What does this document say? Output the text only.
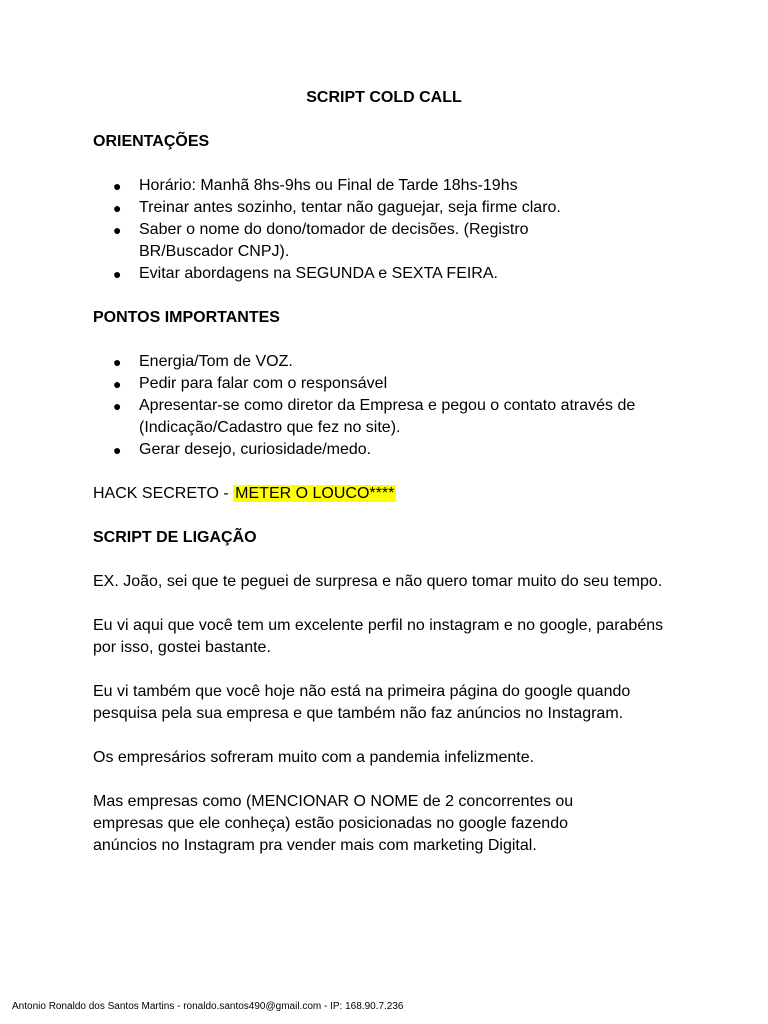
SCRIPT COLD CALL
ORIENTAÇÕES
● Horário: Manhã 8hs-9hs ou Final de Tarde 18hs-19hs
● Treinar antes sozinho, tentar não gaguejar, seja firme claro.
● Saber o nome do dono/tomador de decisões. (Registro BR/Buscador CNPJ).
● Evitar abordagens na SEGUNDA e SEXTA FEIRA.
PONTOS IMPORTANTES
● Energia/Tom de VOZ.
● Pedir para falar com o responsável
● Apresentar-se como diretor da Empresa e pegou o contato através de (Indicação/Cadastro que fez no site).
● Gerar desejo, curiosidade/medo.
HACK SECRETO - METER O LOUCO****
SCRIPT DE LIGAÇÃO
EX. João, sei que te peguei de surpresa e não quero tomar muito do seu tempo.
Eu vi aqui que você tem um excelente perfil no instagram e no google, parabéns por isso, gostei bastante.
Eu vi também que você hoje não está na primeira página do google quando pesquisa pela sua empresa e que também não faz anúncios no Instagram.
Os empresários sofreram muito com a pandemia infelizmente.
Mas empresas como (MENCIONAR O NOME de 2 concorrentes ou empresas que ele conheça) estão posicionadas no google fazendo anúncios no Instagram pra vender mais com marketing Digital.
Antonio Ronaldo dos Santos Martins - ronaldo.santos490@gmail.com - IP: 168.90.7.236
